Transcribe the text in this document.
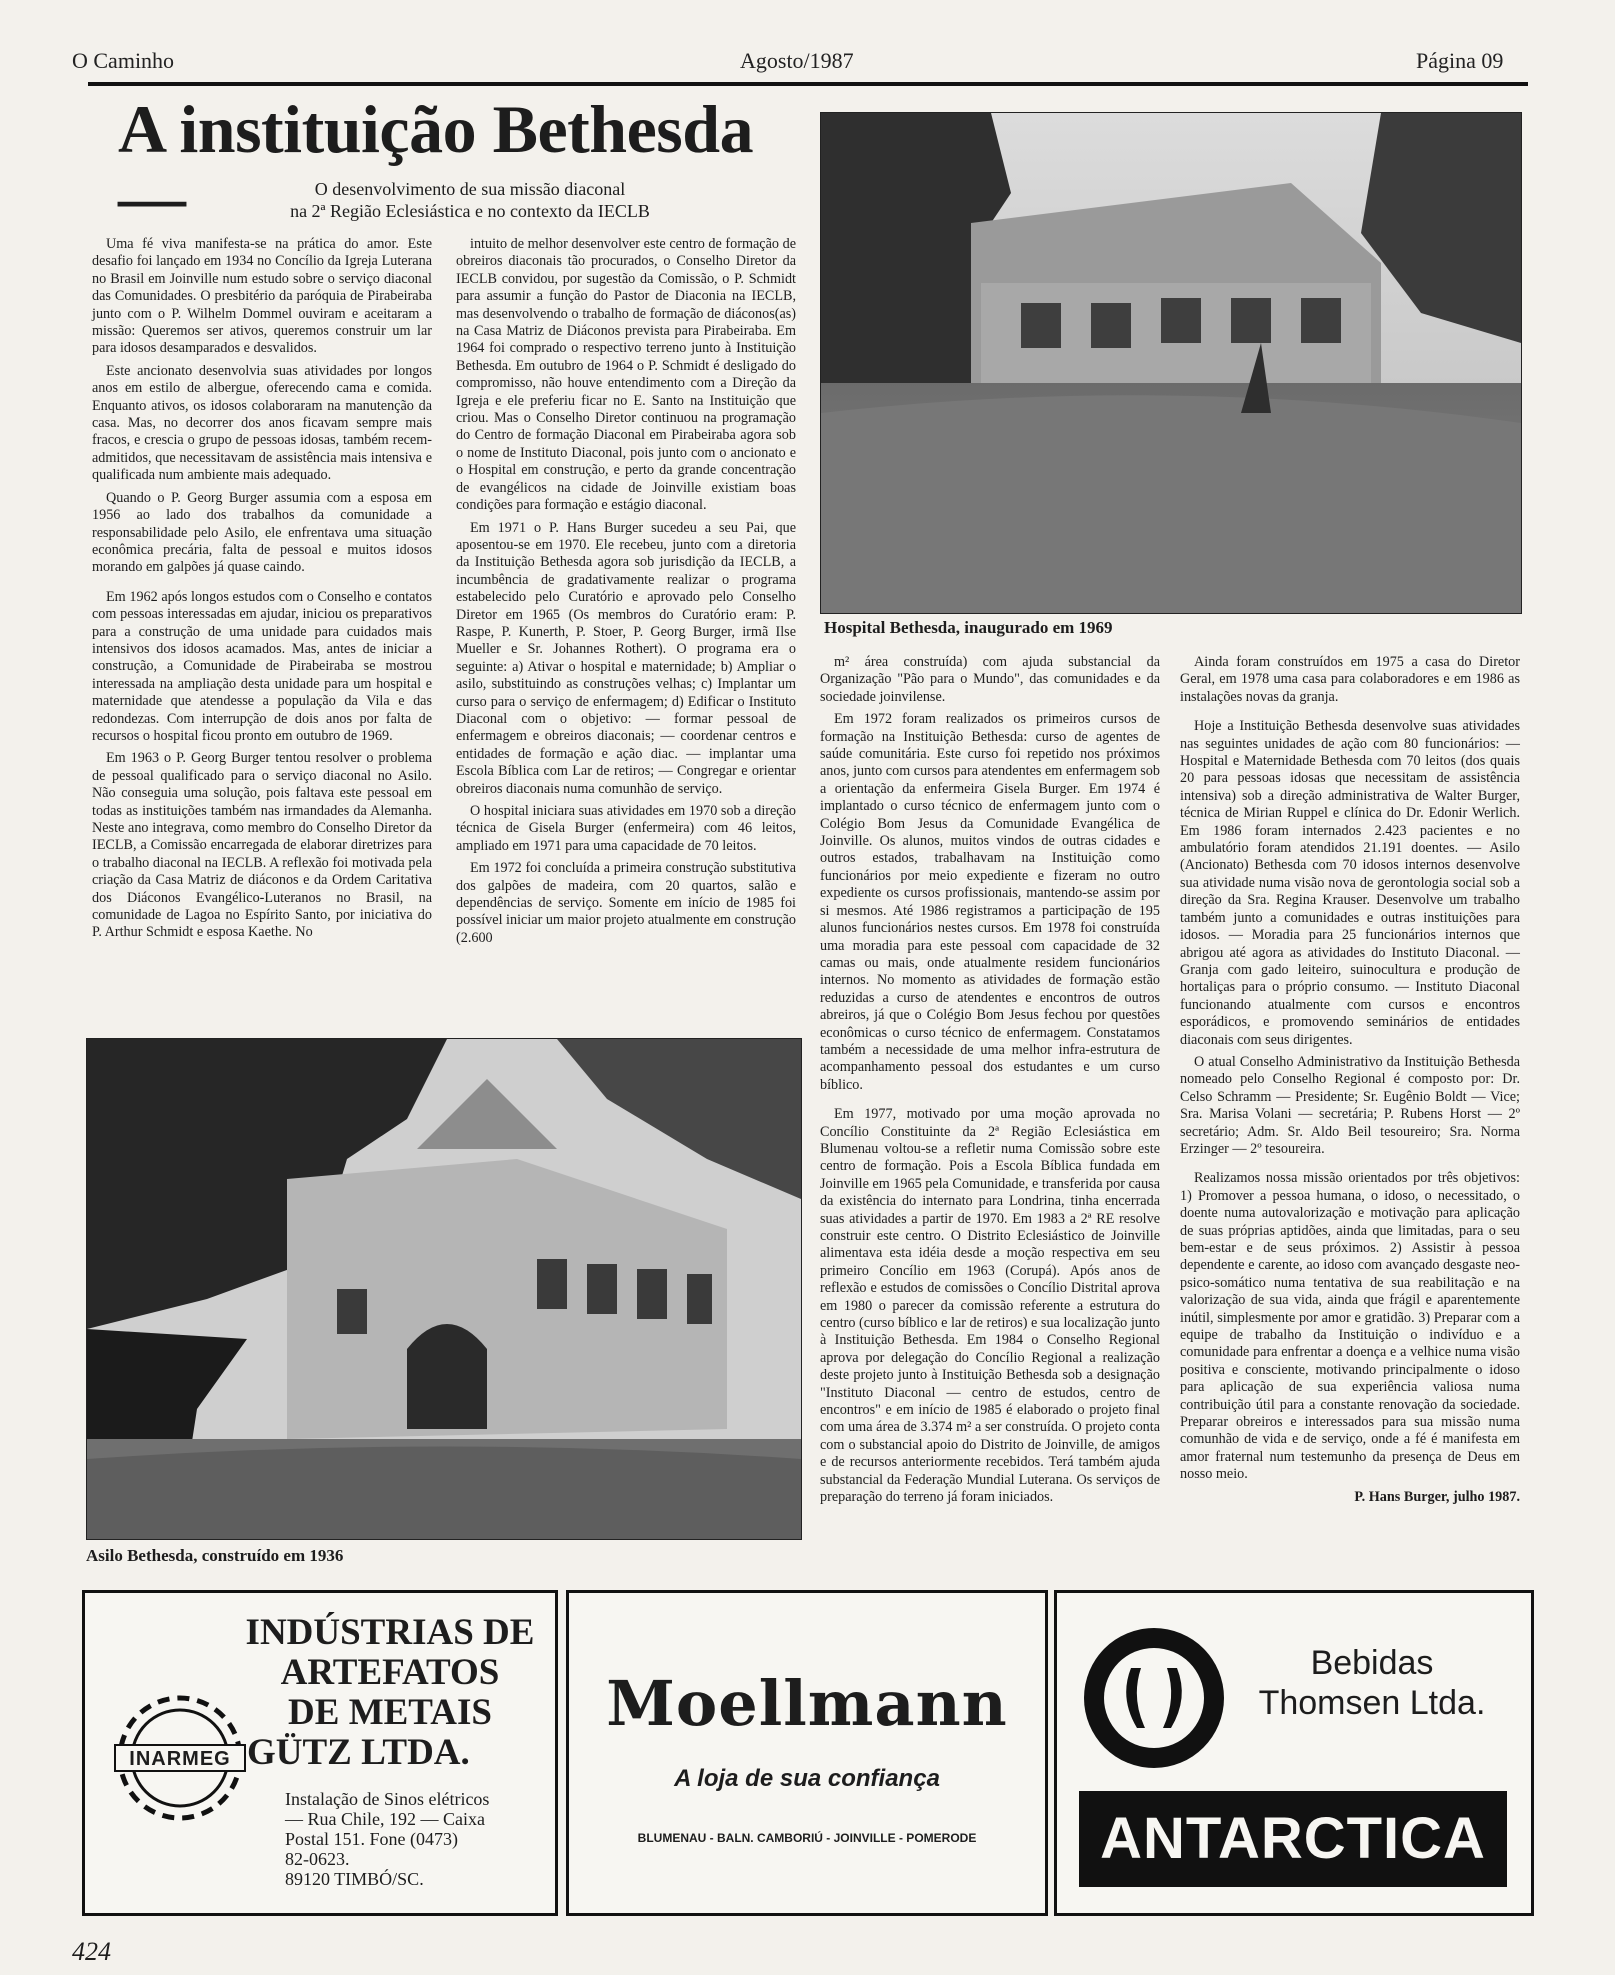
O Caminho	Agosto/1987	Página 09
A instituição Bethesda —	O desenvolvimento de sua missão diaconal
na 2ª Região Eclesiástica e no contexto da IECLB

Uma fé viva manifesta-se na prática do amor. Este desafio foi lançado em 1934 no Concílio da Igreja Luterana no Brasil em Joinville num estudo sobre o serviço diaconal das Comunidades. O presbitério da paróquia de Pirabeiraba junto com o P. Wilhelm Dommel ouviram e aceitaram a missão: Queremos ser ativos, queremos construir um lar para idosos desamparados e desvalidos.

Este ancionato desenvolvia suas atividades por longos anos em estilo de albergue, oferecendo cama e comida. Enquanto ativos, os idosos colaboraram na manutenção da casa. Mas, no decorrer dos anos ficavam sempre mais fracos, e crescia o grupo de pessoas idosas, também recem-admitidos, que necessitavam de assistência mais intensiva e qualificada num ambiente mais adequado.

Quando o P. Georg Burger assumia com a esposa em 1956 ao lado dos trabalhos da comunidade a responsabilidade pelo Asilo, ele enfrentava uma situação econômica precária, falta de pessoal e muitos idosos morando em galpões já quase caindo.

Em 1962 após longos estudos com o Conselho e contatos com pessoas interessadas em ajudar, iniciou os preparativos para a construção de uma unidade para cuidados mais intensivos dos idosos acamados. Mas, antes de iniciar a construção, a Comunidade de Pirabeiraba se mostrou interessada na ampliação desta unidade para um hospital e maternidade que atendesse a população da Vila e das redondezas. Com interrupção de dois anos por falta de recursos o hospital ficou pronto em outubro de 1969.

Em 1963 o P. Georg Burger tentou resolver o problema de pessoal qualificado para o serviço diaconal no Asilo. Não conseguia uma solução, pois faltava este pessoal em todas as instituições também nas irmandades da Alemanha. Neste ano integrava, como membro do Conselho Diretor da IECLB, a Comissão encarregada de elaborar diretrizes para o trabalho diaconal na IECLB. A reflexão foi motivada pela criação da Casa Matriz de diáconos e da Ordem Caritativa dos Diáconos Evangélico-Luteranos no Brasil, na comunidade de Lagoa no Espírito Santo, por iniciativa do P. Arthur Schmidt e esposa Kaethe. No

intuito de melhor desenvolver este centro de formação de obreiros diaconais tão procurados, o Conselho Diretor da IECLB convidou, por sugestão da Comissão, o P. Schmidt para assumir a função do Pastor de Diaconia na IECLB, mas desenvolvendo o trabalho de formação de diáconos(as) na Casa Matriz de Diáconos prevista para Pirabeiraba. Em 1964 foi comprado o respectivo terreno junto à Instituição Bethesda. Em outubro de 1964 o P. Schmidt é desligado do compromisso, não houve entendimento com a Direção da Igreja e ele preferiu ficar no E. Santo na Instituição que criou. Mas o Conselho Diretor continuou na programação do Centro de formação Diaconal em Pirabeiraba agora sob o nome de Instituto Diaconal, pois junto com o ancionato e o Hospital em construção, e perto da grande concentração de evangélicos na cidade de Joinville existiam boas condições para formação e estágio diaconal.

Em 1971 o P. Hans Burger sucedeu a seu Pai, que aposentou-se em 1970. Ele recebeu, junto com a diretoria da Instituição Bethesda agora sob jurisdição da IECLB, a incumbência de gradativamente realizar o programa estabelecido pelo Curatório e aprovado pelo Conselho Diretor em 1965 (Os membros do Curatório eram: P. Raspe, P. Kunerth, P. Stoer, P. Georg Burger, irmã Ilse Mueller e Sr. Johannes Rothert). O programa era o seguinte: a) Ativar o hospital e maternidade; b) Ampliar o asilo, substituindo as construções velhas; c) Implantar um curso para o serviço de enfermagem; d) Edificar o Instituto Diaconal com o objetivo: — formar pessoal de enfermagem e obreiros diaconais; — coordenar centros e entidades de formação e ação diac. — implantar uma Escola Bíblica com Lar de retiros; — Congregar e orientar obreiros diaconais numa comunhão de serviço.

O hospital iniciara suas atividades em 1970 sob a direção técnica de Gisela Burger (enfermeira) com 46 leitos, ampliado em 1971 para uma capacidade de 70 leitos.

Em 1972 foi concluída a primeira construção substitutiva dos galpões de madeira, com 20 quartos, salão e dependências de serviço. Somente em início de 1985 foi possível iniciar um maior projeto atualmente em construção (2.600

Hospital Bethesda, inaugurado em 1969

m² área construída) com ajuda substancial da Organização "Pão para o Mundo", das comunidades e da sociedade joinvilense.

Em 1972 foram realizados os primeiros cursos de formação na Instituição Bethesda: curso de agentes de saúde comunitária. Este curso foi repetido nos próximos anos, junto com cursos para atendentes em enfermagem sob a orientação da enfermeira Gisela Burger. Em 1974 é implantado o curso técnico de enfermagem junto com o Colégio Bom Jesus da Comunidade Evangélica de Joinville. Os alunos, muitos vindos de outras cidades e outros estados, trabalhavam na Instituição como funcionários por meio expediente e fizeram no outro expediente os cursos profissionais, mantendo-se assim por si mesmos. Até 1986 registramos a participação de 195 alunos funcionários nestes cursos. Em 1978 foi construída uma moradia para este pessoal com capacidade de 32 camas ou mais, onde atualmente residem funcionários internos. No momento as atividades de formação estão reduzidas a curso de atendentes e encontros de outros abreiros, já que o Colégio Bom Jesus fechou por questões econômicas o curso técnico de enfermagem. Constatamos também a necessidade de uma melhor infra-estrutura de acompanhamento pessoal dos estudantes e um curso bíblico.

Em 1977, motivado por uma moção aprovada no Concílio Constituinte da 2ª Região Eclesiástica em Blumenau voltou-se a refletir numa Comissão sobre este centro de formação. Pois a Escola Bíblica fundada em Joinville em 1965 pela Comunidade, e transferida por causa da existência do internato para Londrina, tinha encerrada suas atividades a partir de 1970. Em 1983 a 2ª RE resolve construir este centro. O Distrito Eclesiástico de Joinville alimentava esta idéia desde a moção respectiva em seu primeiro Concílio em 1963 (Corupá). Após anos de reflexão e estudos de comissões o Concílio Distrital aprova em 1980 o parecer da comissão referente a estrutura do centro (curso bíblico e lar de retiros) e sua localização junto à Instituição Bethesda. Em 1984 o Conselho Regional aprova por delegação do Concílio Regional a realização deste projeto junto à Instituição Bethesda sob a designação "Instituto Diaconal — centro de estudos, centro de encontros" e em início de 1985 é elaborado o projeto final com uma área de 3.374 m² a ser construída. O projeto conta com o substancial apoio do Distrito de Joinville, de amigos e de recursos anteriormente recebidos. Terá também ajuda substancial da Federação Mundial Luterana. Os serviços de preparação do terreno já foram iniciados.

Ainda foram construídos em 1975 a casa do Diretor Geral, em 1978 uma casa para colaboradores e em 1986 as instalações novas da granja.

Hoje a Instituição Bethesda desenvolve suas atividades nas seguintes unidades de ação com 80 funcionários: — Hospital e Maternidade Bethesda com 70 leitos (dos quais 20 para pessoas idosas que necessitam de assistência intensiva) sob a direção administrativa de Walter Burger, técnica de Mirian Ruppel e clínica do Dr. Edonir Werlich. Em 1986 foram internados 2.423 pacientes e no ambulatório foram atendidos 21.191 doentes. — Asilo (Ancionato) Bethesda com 70 idosos internos desenvolve sua atividade numa visão nova de gerontologia social sob a direção da Sra. Regina Krauser. Desenvolve um trabalho também junto a comunidades e outras instituições para idosos. — Moradia para 25 funcionários internos que abrigou até agora as atividades do Instituto Diaconal. — Granja com gado leiteiro, suinocultura e produção de hortaliças para o próprio consumo. — Instituto Diaconal funcionando atualmente com cursos e encontros esporádicos, e promovendo seminários de entidades diaconais com seus dirigentes.

O atual Conselho Administrativo da Instituição Bethesda nomeado pelo Conselho Regional é composto por: Dr. Celso Schramm — Presidente; Sr. Eugênio Boldt — Vice; Sra. Marisa Volani — secretária; P. Rubens Horst — 2º secretário; Adm. Sr. Aldo Beil tesoureiro; Sra. Norma Erzinger — 2º tesoureira.

Realizamos nossa missão orientados por três objetivos: 1) Promover a pessoa humana, o idoso, o necessitado, o doente numa autovalorização e motivação para aplicação de suas próprias aptidões, ainda que limitadas, para o seu bem-estar e de seus próximos. 2) Assistir à pessoa dependente e carente, ao idoso com avançado desgaste neo-psico-somático numa tentativa de sua reabilitação e na valorização de sua vida, ainda que frágil e aparentemente inútil, simplesmente por amor e gratidão. 3) Preparar com a equipe de trabalho da Instituição o indivíduo e a comunidade para enfrentar a doença e a velhice numa visão positiva e consciente, motivando principalmente o idoso para aplicação de sua experiência valiosa numa contribuição útil para a constante renovação da sociedade. Preparar obreiros e interessados para sua missão numa comunhão de vida e de serviço, onde a fé é manifesta em amor fraternal num testemunho da presença de Deus em nosso meio.

P. Hans Burger, julho 1987.

Asilo Bethesda, construído em 1936
INDÚSTRIAS DE
ARTEFATOS
DE METAIS
GÜTZ LTDA.
INARMEG
Instalação de Sinos elétricos
— Rua Chile, 192 — Caixa
Postal 151. Fone (0473)
82-0623.
89120 TIMBÓ/SC.
Moellmann
A loja de sua confiança
BLUMENAU - BALN. CAMBORIÚ - JOINVILLE - POMERODE
ANTARCTICA
Bebidas
Thomsen Ltda.
ANTARCTICA
424
